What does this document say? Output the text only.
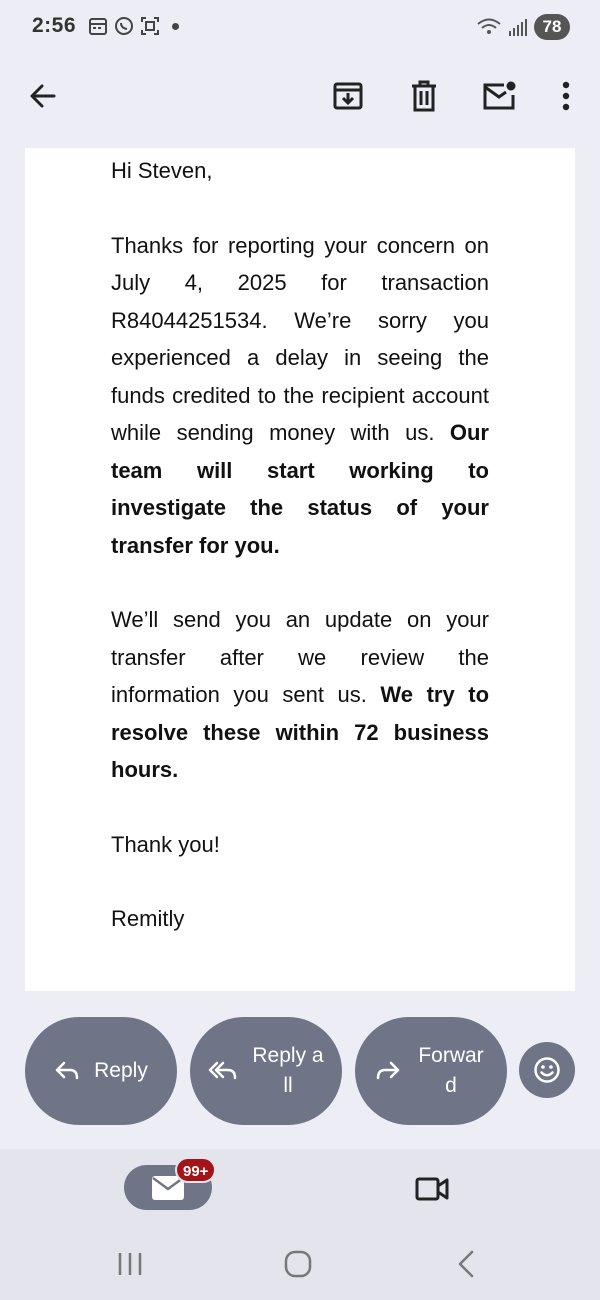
2:56	78

Hi Steven,

Thanks for reporting your concern on July 4, 2025 for transaction R84044251534. We’re sorry you experienced a delay in seeing the funds credited to the recipient account while sending money with us. Our team will start working to investigate the status of your transfer for you.

We’ll send you an update on your transfer after we review the information you sent us. We try to resolve these within 72 business hours.

Thank you!

Remitly

Reply
Reply all
Forward
99+
